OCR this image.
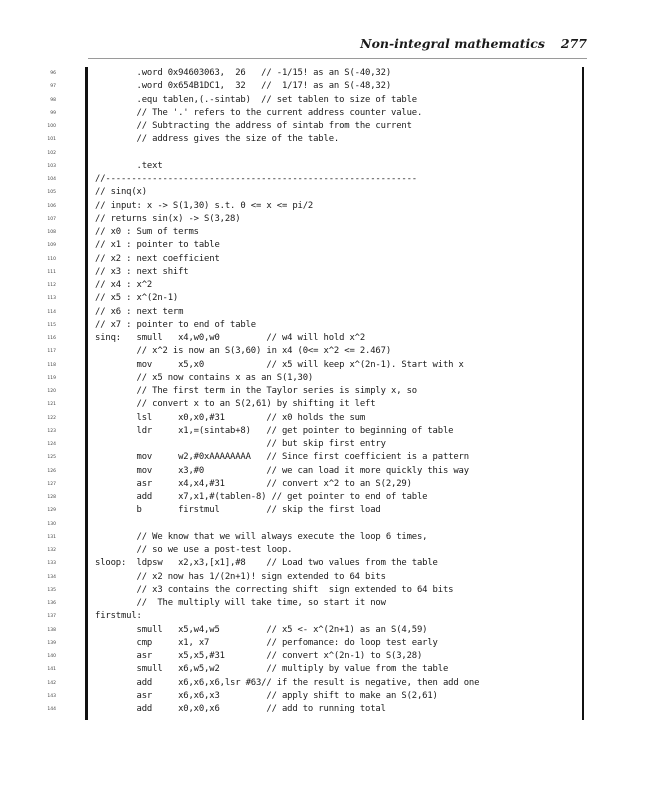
Non-integral mathematics 277
96	.word 0x94603063,  26   // -1/15! as an S(-40,32)
97	.word 0x654B1DC1,  32   //  1/17! as an S(-48,32)
98	.equ tablen,(.-sintab)  // set tablen to size of table
99	// The '.' refers to the current address counter value.
100	// Subtracting the address of sintab from the current
101	// address gives the size of the table.
102
103	.text
104	//------------------------------------------------------------
105	// sinq(x)
106	// input: x -> S(1,30) s.t. 0 <= x <= pi/2
107	// returns sin(x) -> S(3,28)
108	// x0 : Sum of terms
109	// x1 : pointer to table
110	// x2 : next coefficient
111	// x3 : next shift
112	// x4 : x^2
113	// x5 : x^(2n-1)
114	// x6 : next term
115	// x7 : pointer to end of table
116	sinq:   smull   x4,w0,w0         // w4 will hold x^2
117	// x^2 is now an S(3,60) in x4 (0<= x^2 <= 2.467)
118	mov     x5,x0            // x5 will keep x^(2n-1). Start with x
119	// x5 now contains x as an S(1,30)
120	// The first term in the Taylor series is simply x, so
121	// convert x to an S(2,61) by shifting it left
122	lsl     x0,x0,#31        // x0 holds the sum
123	ldr     x1,=(sintab+8)   // get pointer to beginning of table
124	// but skip first entry
125	mov     w2,#0xAAAAAAAA   // Since first coefficient is a pattern
126	mov     x3,#0            // we can load it more quickly this way
127	asr     x4,x4,#31        // convert x^2 to an S(2,29)
128	add     x7,x1,#(tablen-8) // get pointer to end of table
129	b       firstmul         // skip the first load
130
131	// We know that we will always execute the loop 6 times,
132	// so we use a post-test loop.
133	sloop:  ldpsw   x2,x3,[x1],#8    // Load two values from the table
134	// x2 now has 1/(2n+1)! sign extended to 64 bits
135	// x3 contains the correcting shift  sign extended to 64 bits
136	//  The multiply will take time, so start it now
137	firstmul:
138	smull   x5,w4,w5         // x5 <- x^(2n+1) as an S(4,59)
139	cmp     x1, x7           // perfomance: do loop test early
140	asr     x5,x5,#31        // convert x^(2n-1) to S(3,28)
141	smull   x6,w5,w2         // multiply by value from the table
142	add     x6,x6,x6,lsr #63// if the result is negative, then add one
143	asr     x6,x6,x3         // apply shift to make an S(2,61)
144	add     x0,x0,x6         // add to running total
